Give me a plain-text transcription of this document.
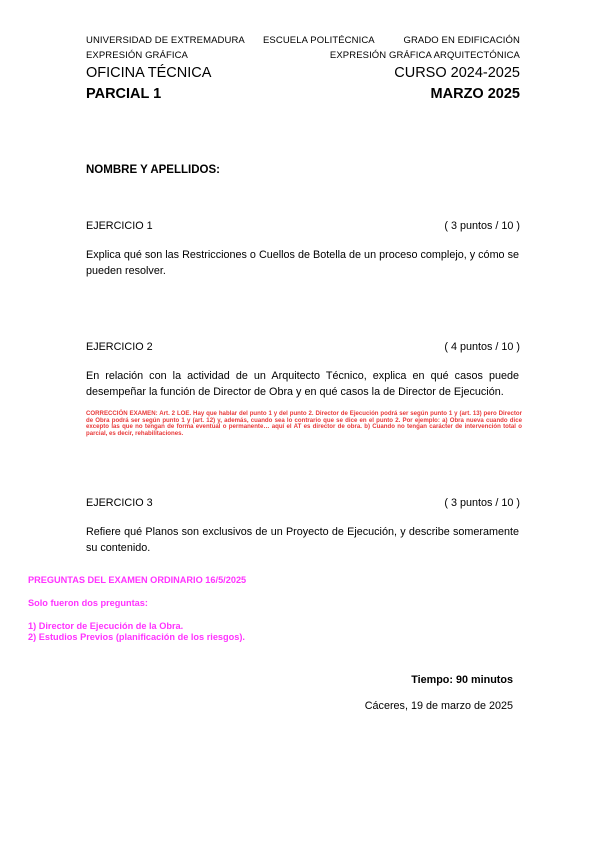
UNIVERSIDAD DE EXTREMADURA ESCUELA POLITÉCNICA	GRADO EN EDIFICACIÓN
EXPRESIÓN GRÁFICA	EXPRESIÓN GRÁFICA ARQUITECTÓNICA
OFICINA TÉCNICA	CURSO 2024-2025
PARCIAL 1	MARZO 2025
NOMBRE Y APELLIDOS:
EJERCICIO 1	( 3 puntos / 10 )
Explica qué son las Restricciones o Cuellos de Botella de un proceso complejo, y cómo se pueden resolver.
EJERCICIO 2	( 4 puntos / 10 )
En relación con la actividad de un Arquitecto Técnico, explica en qué casos puede desempeñar la función de Director de Obra y en qué casos la de Director de Ejecución.
CORRECCIÓN EXAMEN: Art. 2 LOE. Hay que hablar del punto 1 y del punto 2. Director de Ejecución podrá ser según punto 1 y (art. 13) pero Director de Obra podrá ser según punto 1 y (art. 12) y, además, cuando sea lo contrario que se dice en el punto 2. Por ejemplo: a) Obra nueva cuando dice excepto las que no tengan de forma eventual o permanente… aquí el AT es director de obra. b) Cuando no tengan carácter de intervención total o parcial, es decir, rehabilitaciones.
EJERCICIO 3	( 3 puntos / 10 )
Refiere qué Planos son exclusivos de un Proyecto de Ejecución, y describe someramente su contenido.
PREGUNTAS DEL EXAMEN ORDINARIO 16/5/2025
Solo fueron dos preguntas:
1) Director de Ejecución de la Obra.
2) Estudios Previos (planificación de los riesgos).
Tiempo: 90 minutos
Cáceres, 19 de marzo de 2025
